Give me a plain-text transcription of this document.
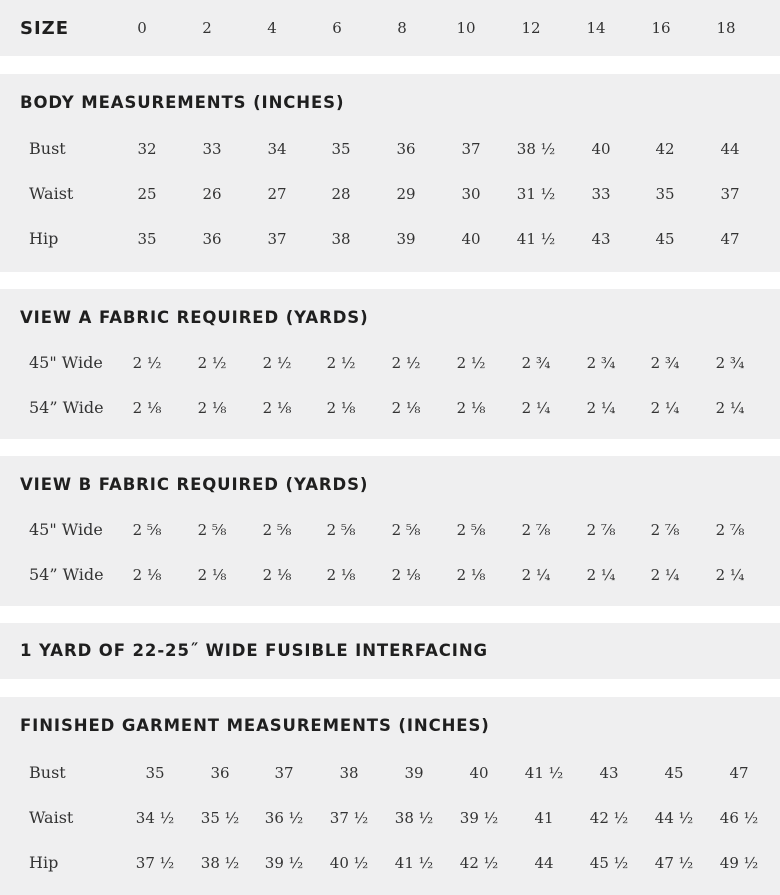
SIZE	0	2	4	6	8	10	12	14	16	18
BODY MEASUREMENTS (INCHES)
Bust	32	33	34	35	36	37	38 ½	40	42	44
Waist	25	26	27	28	29	30	31 ½	33	35	37
Hip	35	36	37	38	39	40	41 ½	43	45	47
VIEW A FABRIC REQUIRED (YARDS)
45" Wide	2 ½	2 ½	2 ½	2 ½	2 ½	2 ½	2 ¾	2 ¾	2 ¾	2 ¾
54” Wide	2 ⅛	2 ⅛	2 ⅛	2 ⅛	2 ⅛	2 ⅛	2 ¼	2 ¼	2 ¼	2 ¼
VIEW B FABRIC REQUIRED (YARDS)
45" Wide	2 ⅝	2 ⅝	2 ⅝	2 ⅝	2 ⅝	2 ⅝	2 ⅞	2 ⅞	2 ⅞	2 ⅞
54” Wide	2 ⅛	2 ⅛	2 ⅛	2 ⅛	2 ⅛	2 ⅛	2 ¼	2 ¼	2 ¼	2 ¼
1 YARD OF 22-25˝ WIDE FUSIBLE INTERFACING
FINISHED GARMENT MEASUREMENTS (INCHES)
Bust	35	36	37	38	39	40	41 ½	43	45	47
Waist	34 ½	35 ½	36 ½	37 ½	38 ½	39 ½	41	42 ½	44 ½	46 ½
Hip	37 ½	38 ½	39 ½	40 ½	41 ½	42 ½	44	45 ½	47 ½	49 ½
